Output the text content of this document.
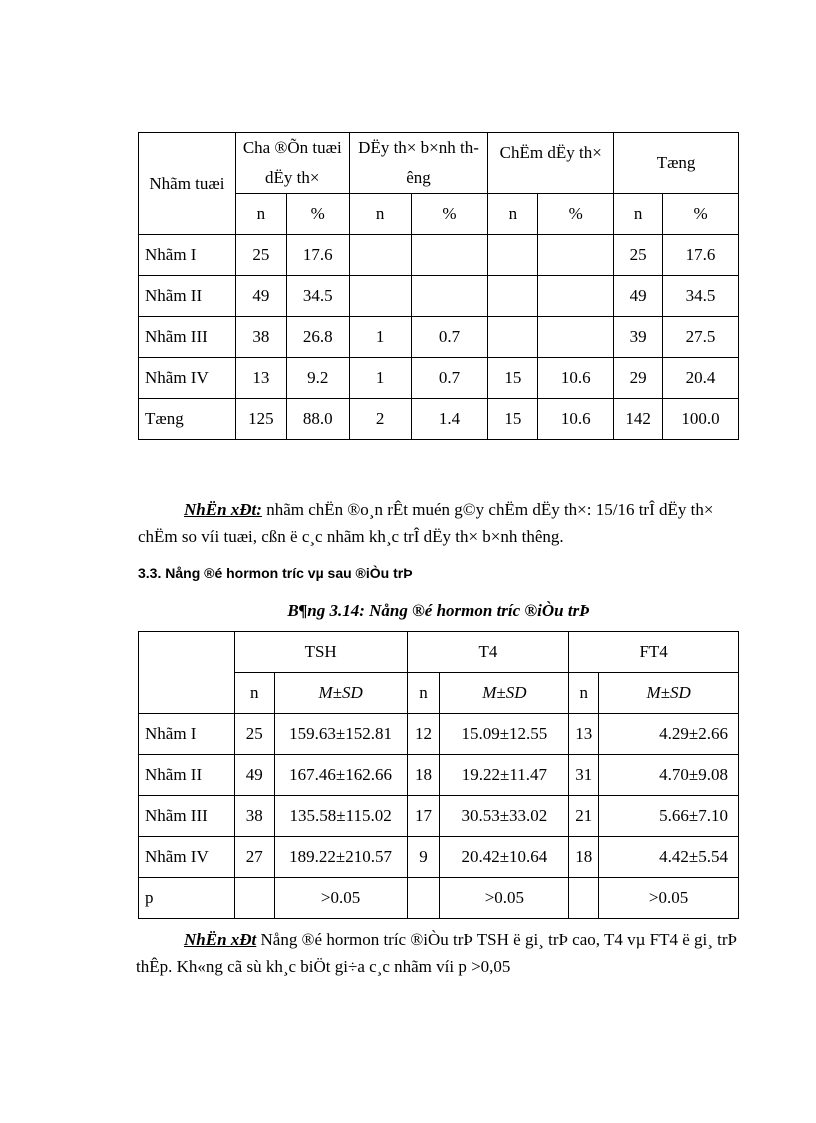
Nhãm tuæi	Cha ®Õn tuæi dËy th×		DËy th× b×nh thêng		ChËm dËy th×		Tæng	
	n	%	n	%	n	%	n	%
Nhãm I	25	17.6					25	17.6
Nhãm II	49	34.5					49	34.5
Nhãm III	38	26.8	1	0.7			39	27.5
Nhãm IV	13	9.2	1	0.7	15	10.6	29	20.4
Tæng	125	88.0	2	1.4	15	10.6	142	100.0

NhËn xÐt: nhãm chËn ®o¸n rÊt muén g©y chËm dËy th×: 15/16 trÎ dËy th× chËm so víi tuæi, cßn ë c¸c nhãm kh¸c trÎ dËy th× b×nh thêng.

3.3. Nång ®é hormon tríc vµ sau ®iÒu trÞ
B¶ng 3.14: Nång ®é hormon tríc ®iÒu trÞ
	TSH		T4		FT4	
	n	M±SD	n	M±SD	n	M±SD
Nhãm I	25	159.63±152.81	12	15.09±12.55	13	4.29±2.66
Nhãm II	49	167.46±162.66	18	19.22±11.47	31	4.70±9.08
Nhãm III	38	135.58±115.02	17	30.53±33.02	21	5.66±7.10
Nhãm IV	27	189.22±210.57	9	20.42±10.64	18	4.42±5.54
p		>0.05		>0.05		>0.05

NhËn xÐt Nång ®é hormon tríc ®iÒu trÞ TSH ë gi¸ trÞ cao, T4 vµ FT4 ë gi¸ trÞ thÊp. Kh«ng cã sù kh¸c biÖt gi÷a c¸c nhãm víi p >0,05
